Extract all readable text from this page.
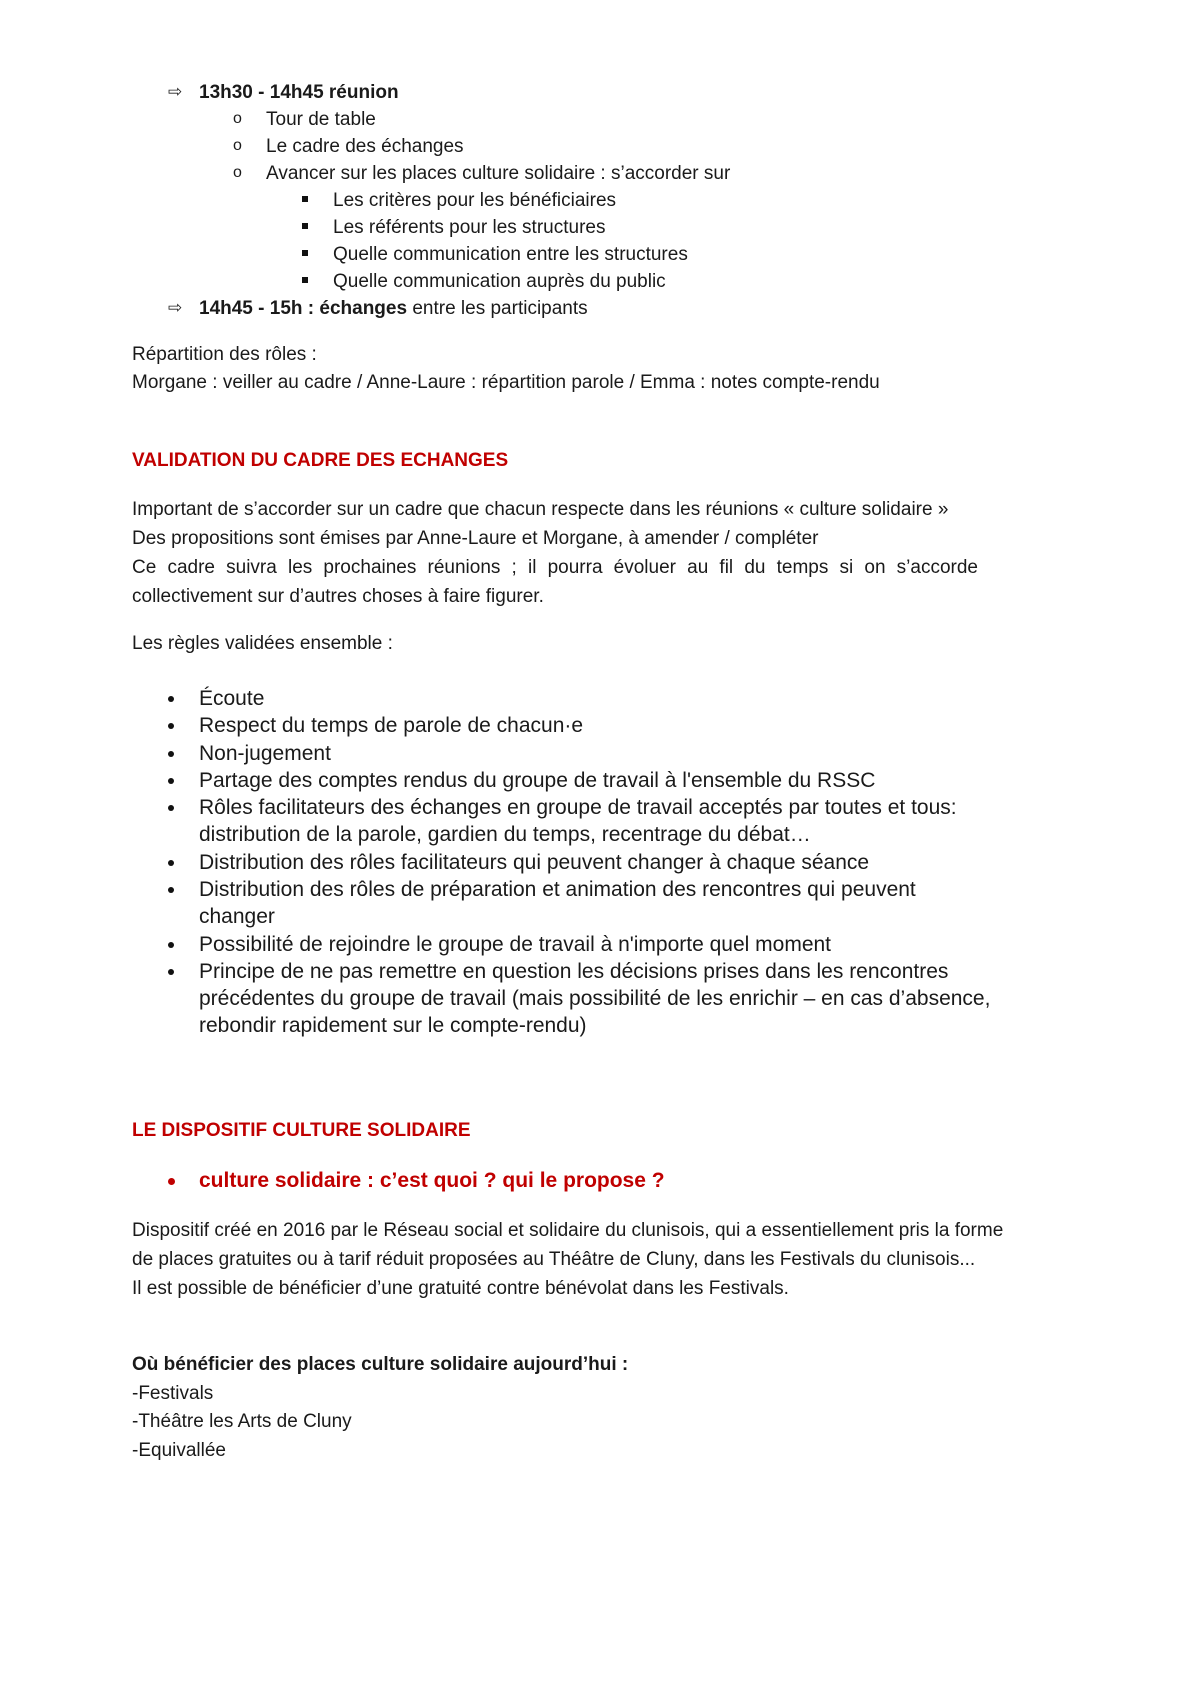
⇨ 13h30 - 14h45 réunion
o Tour de table
o Le cadre des échanges
o Avancer sur les places culture solidaire : s’accorder sur
Les critères pour les bénéficiaires
Les référents pour les structures
Quelle communication entre les structures
Quelle communication auprès du public
⇨ 14h45 - 15h : échanges entre les participants
Répartition des rôles :
Morgane : veiller au cadre / Anne-Laure : répartition parole / Emma : notes compte-rendu
VALIDATION DU CADRE DES ECHANGES
Important de s’accorder sur un cadre que chacun respecte dans les réunions « culture solidaire »
Des propositions sont émises par Anne-Laure et Morgane, à amender / compléter
Ce cadre suivra les prochaines réunions ; il pourra évoluer au fil du temps si on s’accorde collectivement sur d’autres choses à faire figurer.
Les règles validées ensemble :
Écoute
Respect du temps de parole de chacun·e
Non-jugement
Partage des comptes rendus du groupe de travail à l'ensemble du RSSC
Rôles facilitateurs des échanges en groupe de travail acceptés par toutes et tous:
distribution de la parole, gardien du temps, recentrage du débat…
Distribution des rôles facilitateurs qui peuvent changer à chaque séance
Distribution des rôles de préparation et animation des rencontres qui peuvent
changer
Possibilité de rejoindre le groupe de travail à n'importe quel moment
Principe de ne pas remettre en question les décisions prises dans les rencontres
précédentes du groupe de travail (mais possibilité de les enrichir – en cas d’absence,
rebondir rapidement sur le compte-rendu)
LE DISPOSITIF CULTURE SOLIDAIRE
culture solidaire : c’est quoi ? qui le propose ?
Dispositif créé en 2016 par le Réseau social et solidaire du clunisois, qui a essentiellement pris la forme
de places gratuites ou à tarif réduit proposées au Théâtre de Cluny, dans les Festivals du clunisois...
Il est possible de bénéficier d’une gratuité contre bénévolat dans les Festivals.
Où bénéficier des places culture solidaire aujourd’hui :
-Festivals
-Théâtre les Arts de Cluny
-Equivallée
